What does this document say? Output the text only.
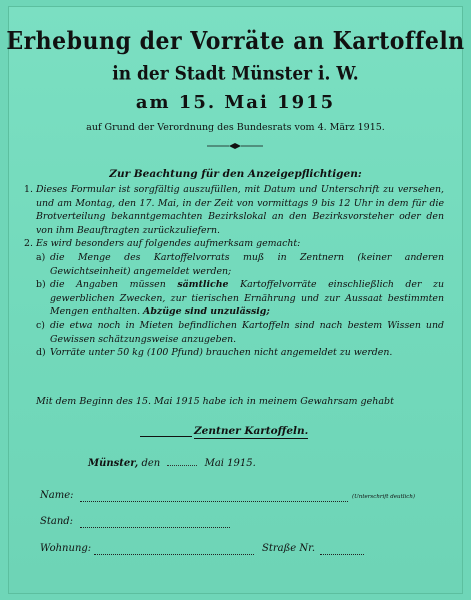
Erhebung der Vorräte an Kartoffeln
in der Stadt Münster i. W.
am 15. Mai 1915
auf Grund der Verordnung des Bundesrats vom 4. März 1915.
Zur Beachtung für den Anzeigepflichtigen:
1. Dieses Formular ist sorgfältig auszufüllen, mit Datum und Unterschrift zu versehen, und am Montag, den 17. Mai, in der Zeit von vormittags 9 bis 12 Uhr in dem für die Brotverteilung bekanntgemachten Bezirkslokal an den Bezirksvorsteher oder den von ihm Beauftragten zurückzuliefern.
2. Es wird besonders auf folgendes aufmerksam gemacht:
a) die Menge des Kartoffelvorrats muß in Zentnern (keiner anderen Gewichtseinheit) angemeldet werden;
b) die Angaben müssen sämtliche Kartoffelvorräte einschließlich der zu gewerblichen Zwecken, zur tierischen Ernährung und zur Aussaat bestimmten Mengen enthalten. Abzüge sind unzulässig;
c) die etwa noch in Mieten befindlichen Kartoffeln sind nach bestem Wissen und Gewissen schätzungsweise anzugeben.
d) Vorräte unter 50 kg (100 Pfund) brauchen nicht angemeldet zu werden.
Mit dem Beginn des 15. Mai 1915 habe ich in meinem Gewahrsam gehabt
Zentner Kartoffeln.
Münster, den	Mai 1915.
Name:	(Unterschrift deutlich)
Stand:
Wohnung:	Straße Nr.
